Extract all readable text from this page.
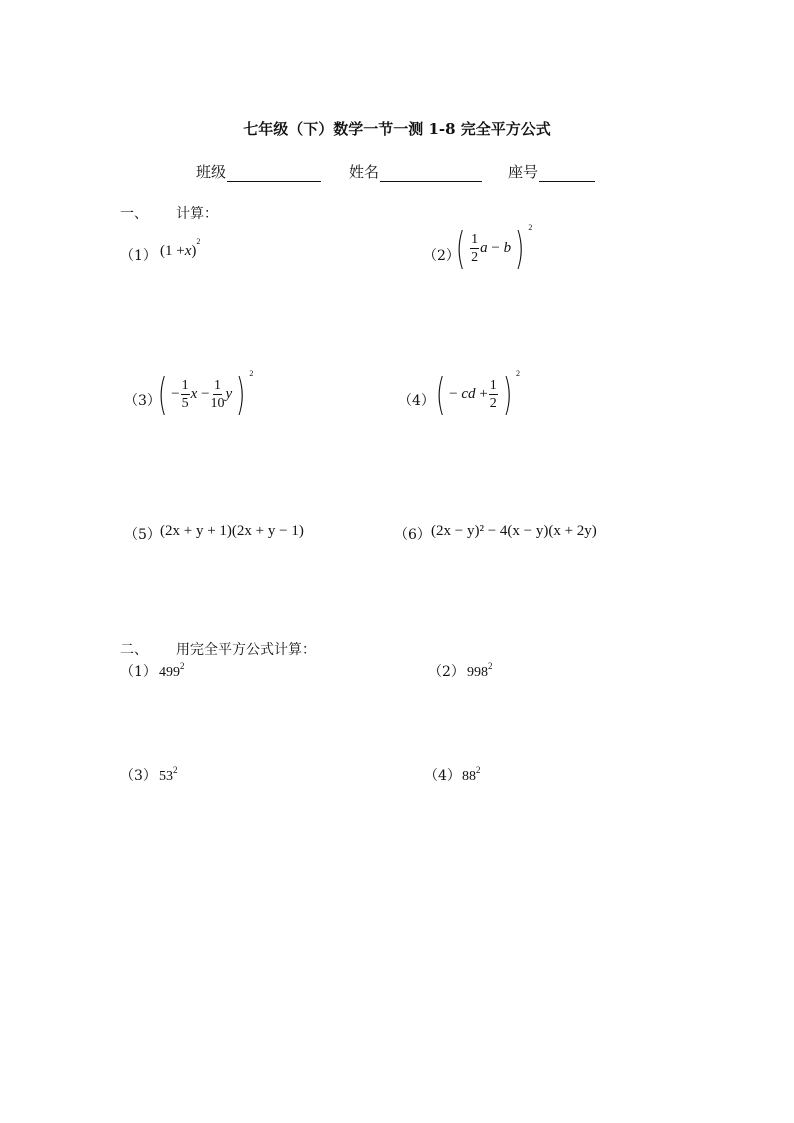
七年级（下）数学一节一测 1-8 完全平方公式
班级	姓名	座号
一、 计算：
（1） (1 + x )
2
（2）
( $\frac{1}{2}$ a − b ) 2
（3）
( − $\frac{1}{5}$ $x - \frac{1}{10}$ y ) 2
（4） ( − cd + $\frac{1}{2}$ ) 2
（5） (2x + y + 1)(2x + y − 1)	（6） (2x − y)² − 4(x − y)(x + 2y)
二、 用完全平方公式计算：
（1） $499^2$	（2） $998^2$
（3） $53^2$	（4） $88^2$
